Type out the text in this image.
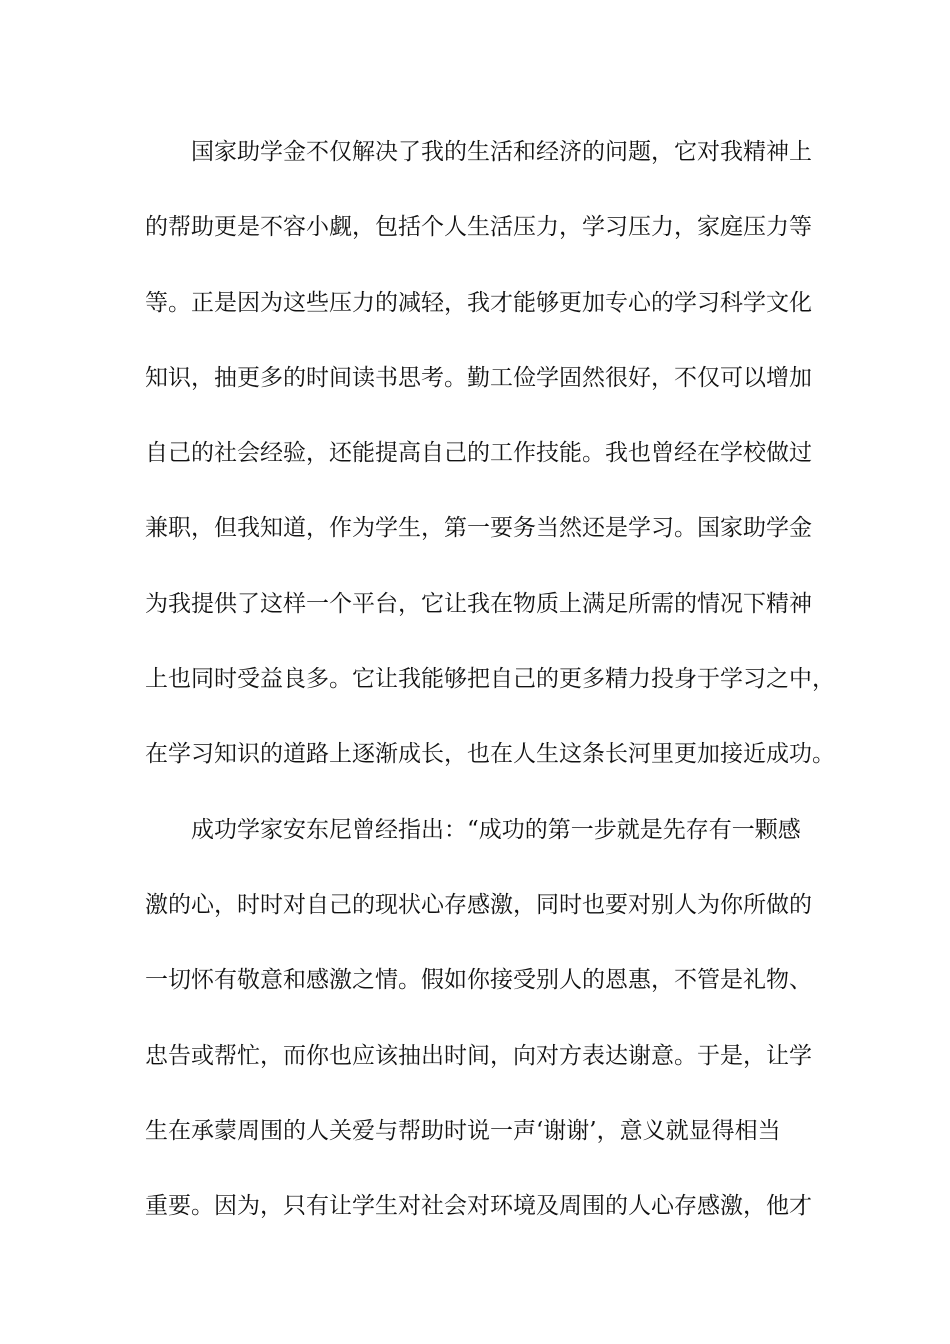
国家助学金不仅解决了我的生活和经济的问题，它对我精神上
的帮助更是不容小觑，包括个人生活压力，学习压力，家庭压力等
等。正是因为这些压力的减轻，我才能够更加专心的学习科学文化
知识，抽更多的时间读书思考。勤工俭学固然很好，不仅可以增加
自己的社会经验，还能提高自己的工作技能。我也曾经在学校做过
兼职，但我知道，作为学生，第一要务当然还是学习。国家助学金
为我提供了这样一个平台，它让我在物质上满足所需的情况下精神
上也同时受益良多。它让我能够把自己的更多精力投身于学习之中，
在学习知识的道路上逐渐成长，也在人生这条长河里更加接近成功。
成功学家安东尼曾经指出：“成功的第一步就是先存有一颗感
激的心，时时对自己的现状心存感激，同时也要对别人为你所做的
一切怀有敬意和感激之情。假如你接受别人的恩惠，不管是礼物、
忠告或帮忙，而你也应该抽出时间，向对方表达谢意。于是，让学
生在承蒙周围的人关爱与帮助时说一声‘谢谢’，意义就显得相当
重要。因为，只有让学生对社会对环境及周围的人心存感激，他才
